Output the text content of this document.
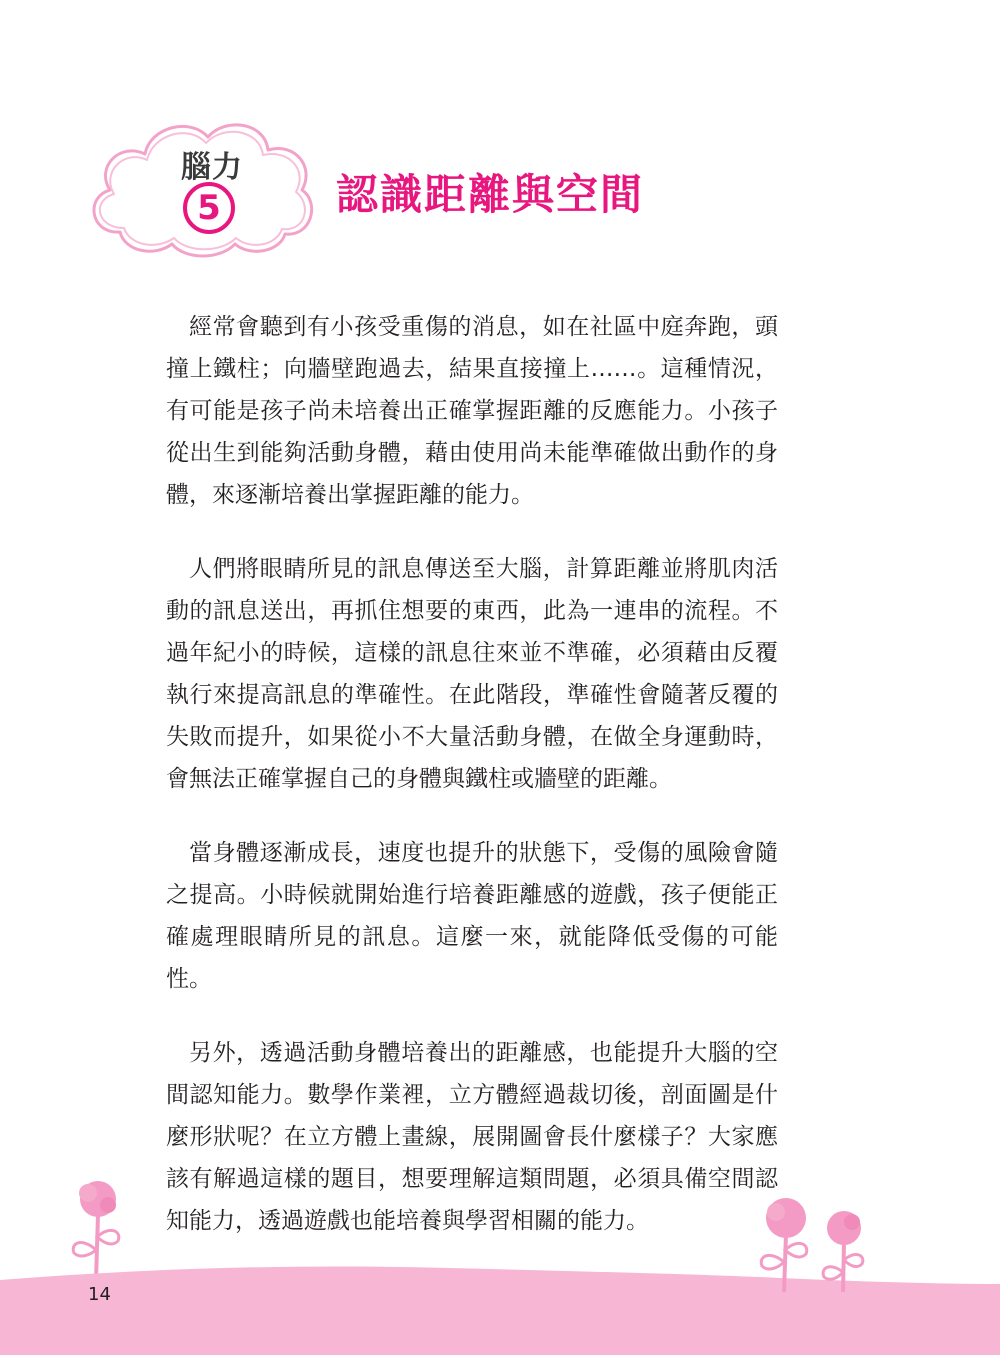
腦力
5	認識距離與空間

經常會聽到有小孩受重傷的消息，如在社區中庭奔跑，頭撞上鐵柱；向牆壁跑過去，結果直接撞上……。這種情況，有可能是孩子尚未培養出正確掌握距離的反應能力。小孩子從出生到能夠活動身體，藉由使用尚未能準確做出動作的身體，來逐漸培養出掌握距離的能力。

人們將眼睛所見的訊息傳送至大腦，計算距離並將肌肉活動的訊息送出，再抓住想要的東西，此為一連串的流程。不過年紀小的時候，這樣的訊息往來並不準確，必須藉由反覆執行來提高訊息的準確性。在此階段，準確性會隨著反覆的失敗而提升，如果從小不大量活動身體，在做全身運動時，會無法正確掌握自己的身體與鐵柱或牆壁的距離。

當身體逐漸成長，速度也提升的狀態下，受傷的風險會隨之提高。小時候就開始進行培養距離感的遊戲，孩子便能正確處理眼睛所見的訊息。這麼一來，就能降低受傷的可能性。

另外，透過活動身體培養出的距離感，也能提升大腦的空間認知能力。數學作業裡，立方體經過裁切後，剖面圖是什麼形狀呢？在立方體上畫線，展開圖會長什麼樣子？大家應該有解過這樣的題目，想要理解這類問題，必須具備空間認知能力，透過遊戲也能培養與學習相關的能力。

14
